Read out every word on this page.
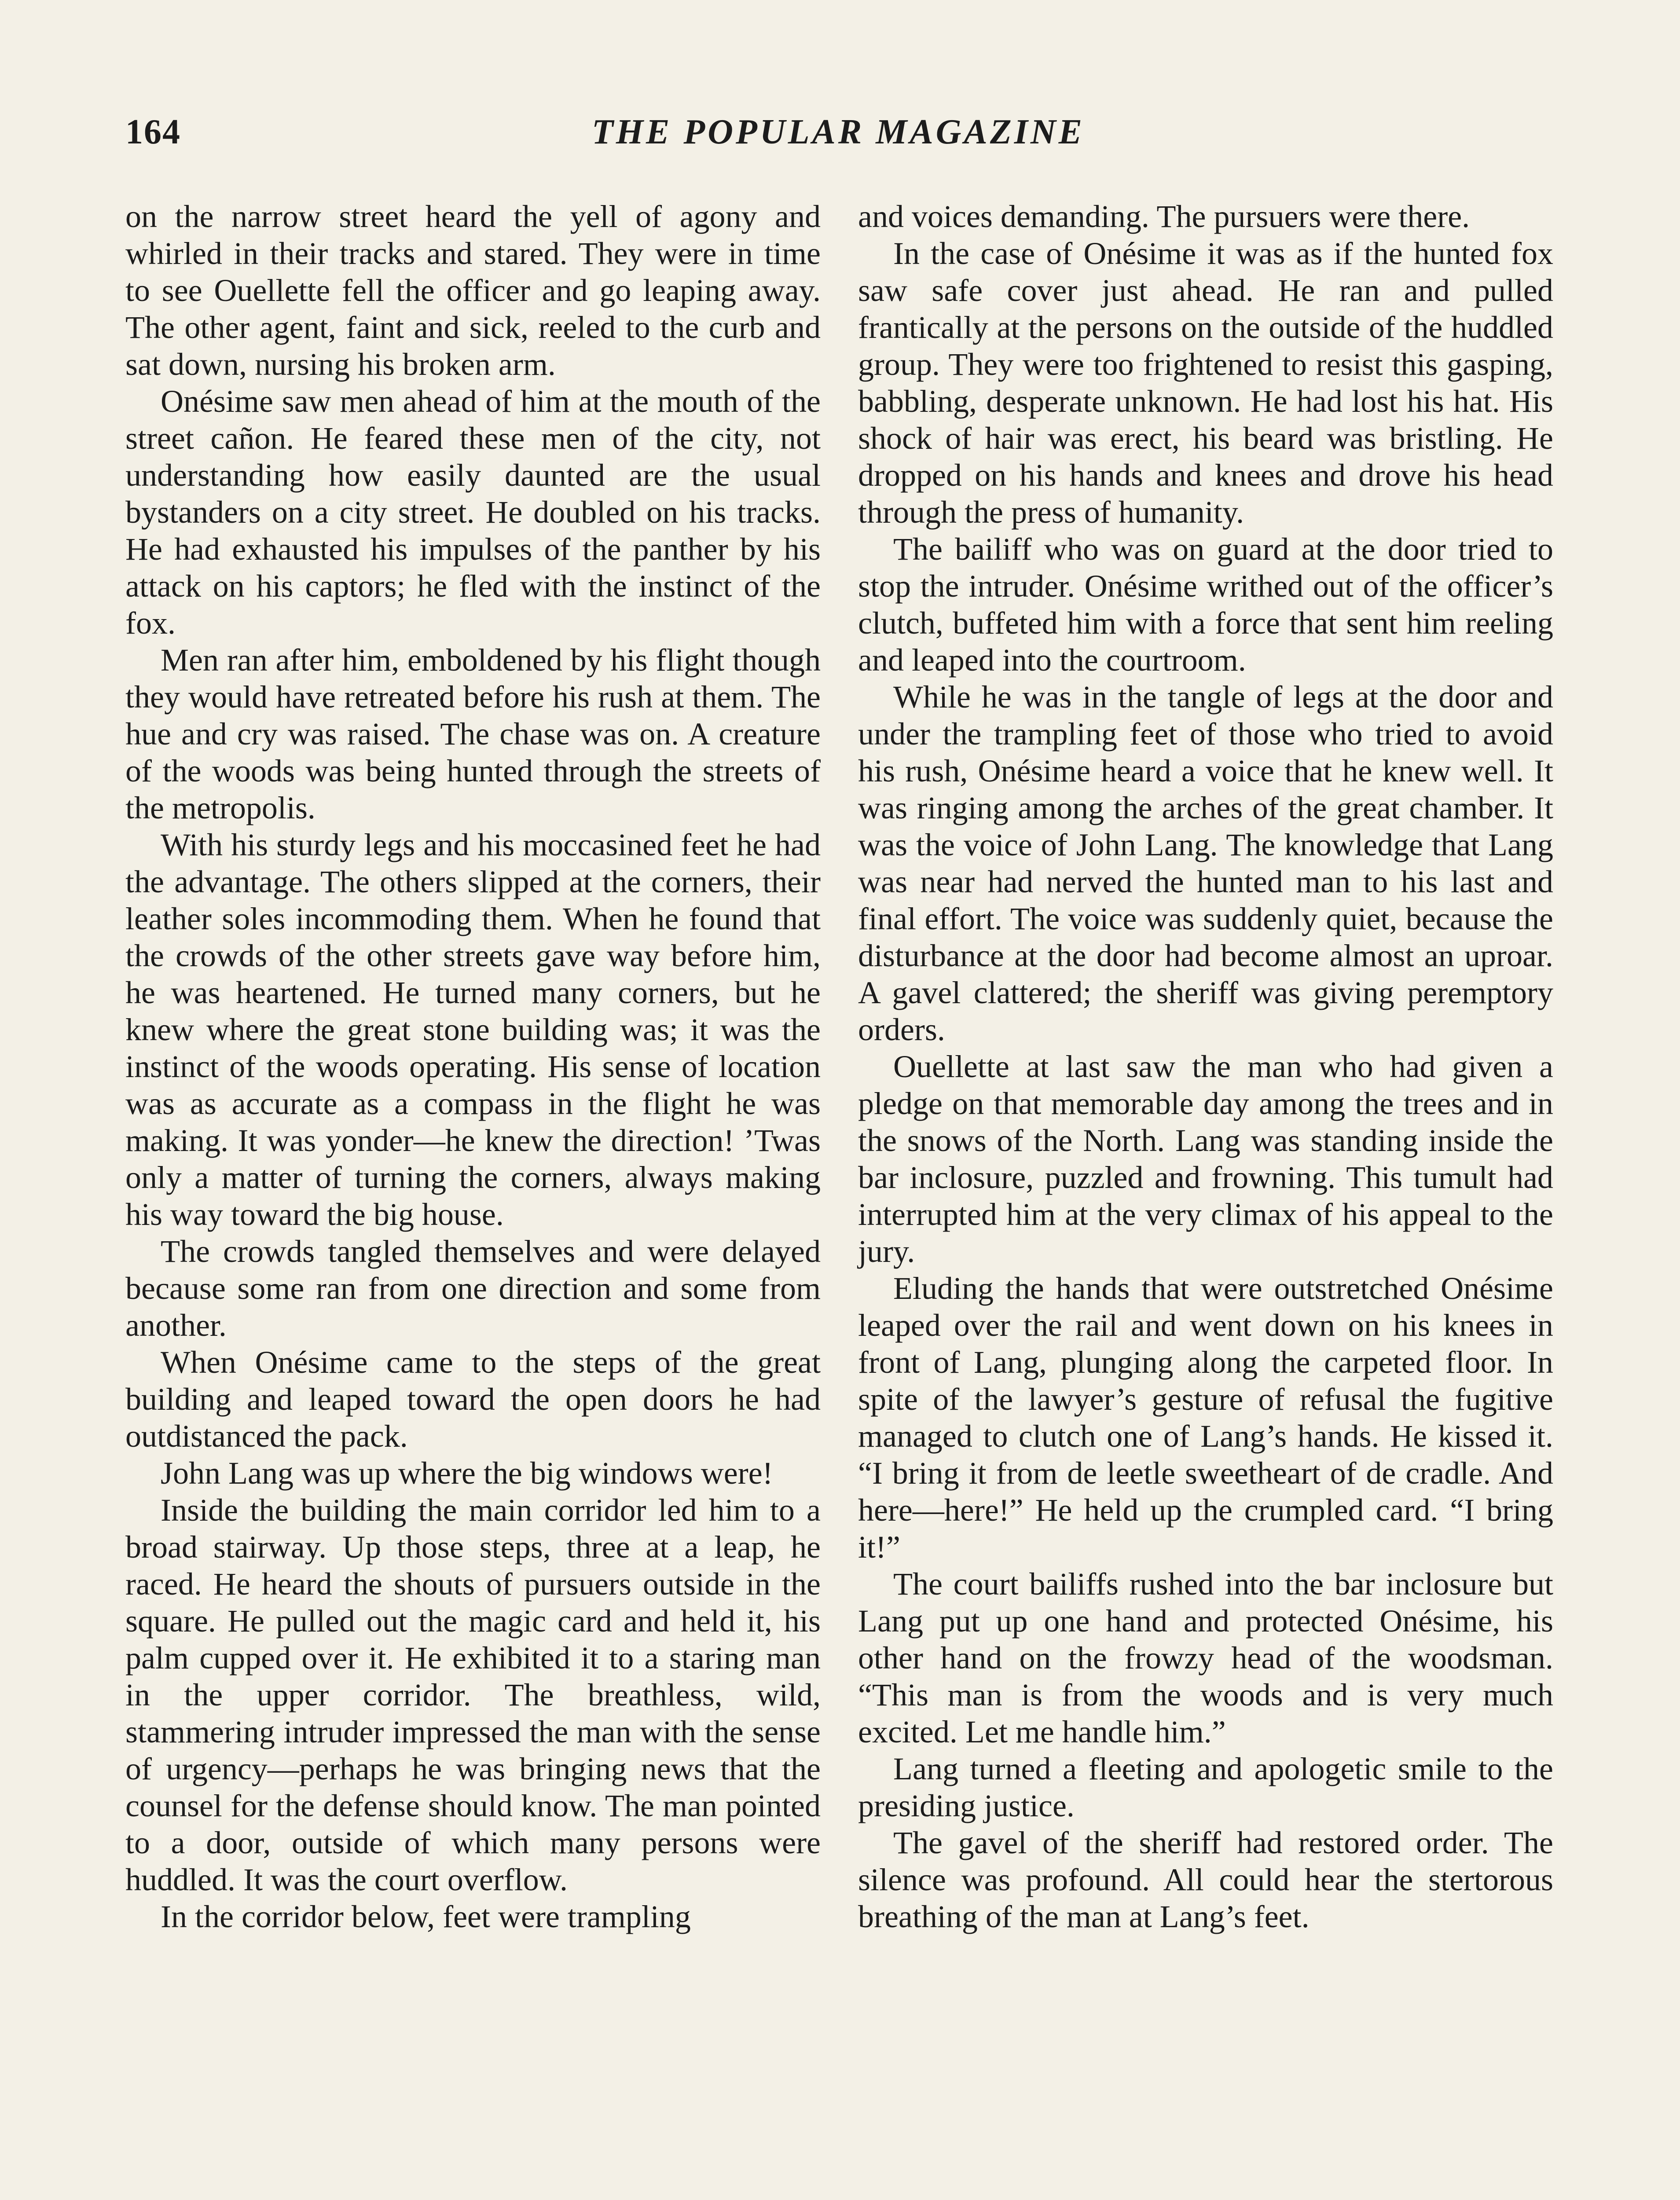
164	THE POPULAR MAGAZINE

on the narrow street heard the yell of agony and whirled in their tracks and stared. They were in time to see Ouellette fell the officer and go leaping away. The other agent, faint and sick, reeled to the curb and sat down, nursing his broken arm.

Onésime saw men ahead of him at the mouth of the street cañon. He feared these men of the city, not understanding how easily daunted are the usual bystanders on a city street. He doubled on his tracks. He had exhausted his impulses of the panther by his attack on his captors; he fled with the instinct of the fox.

Men ran after him, emboldened by his flight though they would have retreated before his rush at them. The hue and cry was raised. The chase was on. A creature of the woods was being hunted through the streets of the metropolis.

With his sturdy legs and his moccasined feet he had the advantage. The others slipped at the corners, their leather soles incommoding them. When he found that the crowds of the other streets gave way before him, he was heartened. He turned many corners, but he knew where the great stone building was; it was the instinct of the woods operating. His sense of location was as accurate as a compass in the flight he was making. It was yonder—he knew the direction! ’Twas only a matter of turning the corners, always making his way toward the big house.

The crowds tangled themselves and were delayed because some ran from one direction and some from another.

When Onésime came to the steps of the great building and leaped toward the open doors he had outdistanced the pack.

John Lang was up where the big windows were!

Inside the building the main corridor led him to a broad stairway. Up those steps, three at a leap, he raced. He heard the shouts of pursuers outside in the square. He pulled out the magic card and held it, his palm cupped over it. He exhibited it to a staring man in the upper corridor. The breathless, wild, stammering intruder impressed the man with the sense of urgency—perhaps he was bringing news that the counsel for the defense should know. The man pointed to a door, outside of which many persons were huddled. It was the court overflow.

In the corridor below, feet were trampling

and voices demanding. The pursuers were there.

In the case of Onésime it was as if the hunted fox saw safe cover just ahead. He ran and pulled frantically at the persons on the outside of the huddled group. They were too frightened to resist this gasping, babbling, desperate unknown. He had lost his hat. His shock of hair was erect, his beard was bristling. He dropped on his hands and knees and drove his head through the press of humanity.

The bailiff who was on guard at the door tried to stop the intruder. Onésime writhed out of the officer’s clutch, buffeted him with a force that sent him reeling and leaped into the courtroom.

While he was in the tangle of legs at the door and under the trampling feet of those who tried to avoid his rush, Onésime heard a voice that he knew well. It was ringing among the arches of the great chamber. It was the voice of John Lang. The knowledge that Lang was near had nerved the hunted man to his last and final effort. The voice was suddenly quiet, because the disturbance at the door had become almost an uproar. A gavel clattered; the sheriff was giving peremptory orders.

Ouellette at last saw the man who had given a pledge on that memorable day among the trees and in the snows of the North. Lang was standing inside the bar inclosure, puzzled and frowning. This tumult had interrupted him at the very climax of his appeal to the jury.

Eluding the hands that were outstretched Onésime leaped over the rail and went down on his knees in front of Lang, plunging along the carpeted floor. In spite of the lawyer’s gesture of refusal the fugitive managed to clutch one of Lang’s hands. He kissed it. “I bring it from de leetle sweetheart of de cradle. And here—here!” He held up the crumpled card. “I bring it!”

The court bailiffs rushed into the bar inclosure but Lang put up one hand and protected Onésime, his other hand on the frowzy head of the woodsman. “This man is from the woods and is very much excited. Let me handle him.”

Lang turned a fleeting and apologetic smile to the presiding justice.

The gavel of the sheriff had restored order. The silence was profound. All could hear the stertorous breathing of the man at Lang’s feet.
